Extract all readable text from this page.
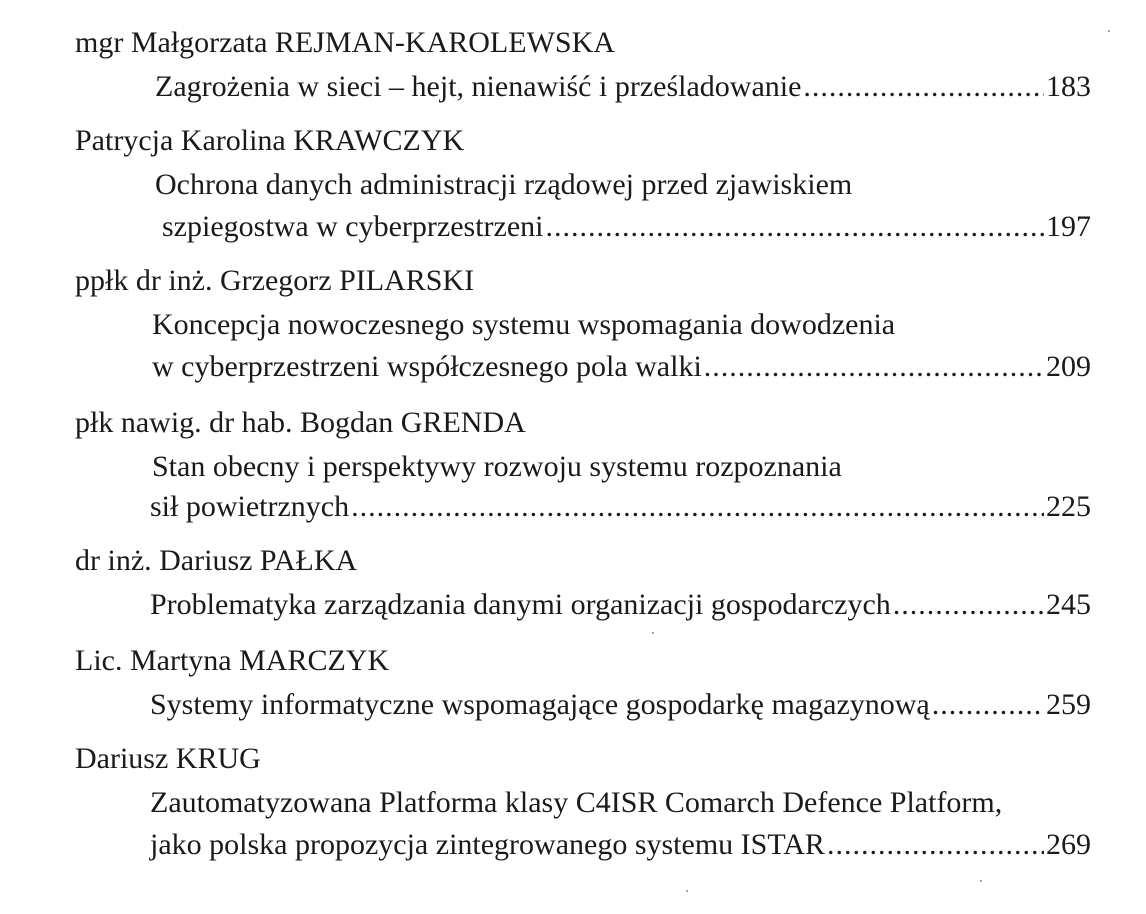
mgr Małgorzata REJMAN-KAROLEWSKA
Zagrożenia w sieci – hejt, nienawiść i prześladowanie .....	183
Patrycja Karolina KRAWCZYK
Ochrona danych administracji rządowej przed zjawiskiem
szpiegostwa w cyberprzestrzeni .....	197
ppłk dr inż. Grzegorz PILARSKI
Koncepcja nowoczesnego systemu wspomagania dowodzenia
w cyberprzestrzeni współczesnego pola walki .....	209
płk nawig. dr hab. Bogdan GRENDA
Stan obecny i perspektywy rozwoju systemu rozpoznania
sił powietrznych .....	225
dr inż. Dariusz PAŁKA
Problematyka zarządzania danymi organizacji gospodarczych .....	245
Lic. Martyna MARCZYK
Systemy informatyczne wspomagające gospodarkę magazynową .....	259
Dariusz KRUG
Zautomatyzowana Platforma klasy C4ISR Comarch Defence Platform,
jako polska propozycja zintegrowanego systemu ISTAR .....	269
